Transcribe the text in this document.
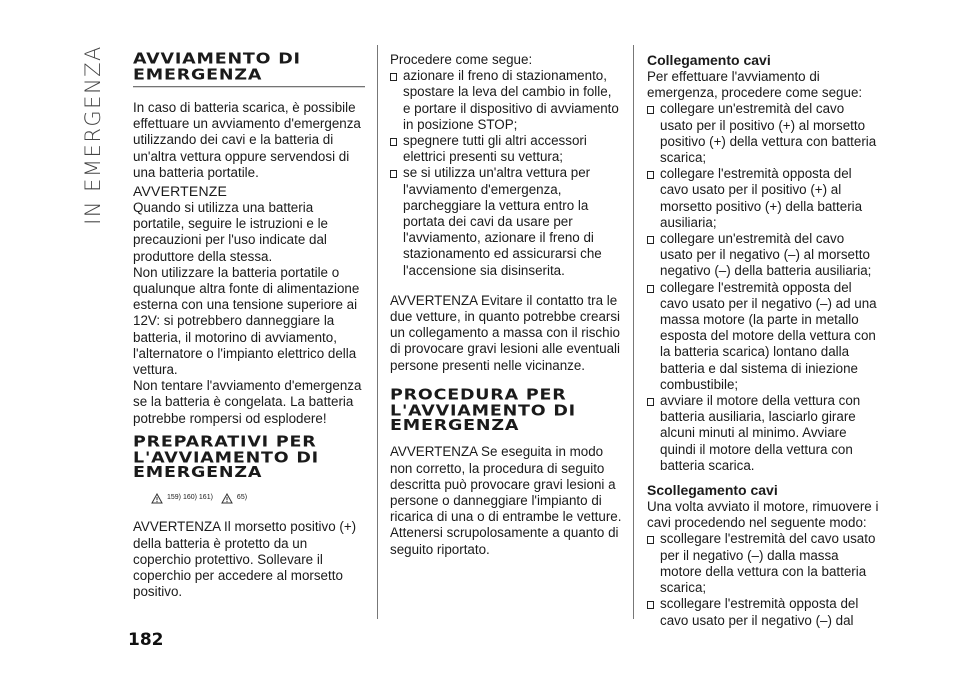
IN EMERGENZA AVVIAMENTO DI
EMERGENZA

In caso di batteria scarica, è possibile effettuare un avviamento d'emergenza utilizzando dei cavi e la batteria di un'altra vettura oppure servendosi di una batteria portatile.

AVVERTENZE

Quando si utilizza una batteria portatile, seguire le istruzioni e le precauzioni per l'uso indicate dal produttore della stessa.

Non utilizzare la batteria portatile o qualunque altra fonte di alimentazione esterna con una tensione superiore ai 12V: si potrebbero danneggiare la batteria, il motorino di avviamento, l'alternatore o l'impianto elettrico della vettura.

Non tentare l'avviamento d'emergenza se la batteria è congelata. La batteria potrebbe rompersi od esplodere!

PREPARATIVI PER
L'AVVIAMENTO DI
EMERGENZA
159) 160) 161)	65)

AVVERTENZA Il morsetto positivo (+) della batteria è protetto da un coperchio protettivo. Sollevare il coperchio per accedere al morsetto positivo.

Procedere come segue:

azionare il freno di stazionamento, spostare la leva del cambio in folle, e portare il dispositivo di avviamento in posizione STOP;
spegnere tutti gli altri accessori elettrici presenti su vettura;
se si utilizza un'altra vettura per l'avviamento d'emergenza, parcheggiare la vettura entro la portata dei cavi da usare per l'avviamento, azionare il freno di stazionamento ed assicurarsi che l'accensione sia disinserita.

AVVERTENZA Evitare il contatto tra le due vetture, in quanto potrebbe crearsi un collegamento a massa con il rischio di provocare gravi lesioni alle eventuali persone presenti nelle vicinanze.

PROCEDURA PER
L'AVVIAMENTO DI
EMERGENZA

AVVERTENZA Se eseguita in modo non corretto, la procedura di seguito descritta può provocare gravi lesioni a persone o danneggiare l'impianto di ricarica di una o di entrambe le vetture. Attenersi scrupolosamente a quanto di seguito riportato.

Collegamento cavi

Per effettuare l'avviamento di emergenza, procedere come segue:

collegare un'estremità del cavo usato per il positivo (+) al morsetto positivo (+) della vettura con batteria scarica;
collegare l'estremità opposta del cavo usato per il positivo (+) al morsetto positivo (+) della batteria ausiliaria;
collegare un'estremità del cavo usato per il negativo (–) al morsetto negativo (–) della batteria ausiliaria;
collegare l'estremità opposta del cavo usato per il negativo (–) ad una massa motore (la parte in metallo esposta del motore della vettura con la batteria scarica) lontano dalla batteria e dal sistema di iniezione combustibile;
avviare il motore della vettura con batteria ausiliaria, lasciarlo girare alcuni minuti al minimo. Avviare quindi il motore della vettura con batteria scarica.
Scollegamento cavi

Una volta avviato il motore, rimuovere i cavi procedendo nel seguente modo:

scollegare l'estremità del cavo usato per il negativo (–) dalla massa motore della vettura con la batteria scarica;
scollegare l'estremità opposta del cavo usato per il negativo (–) dal
182
